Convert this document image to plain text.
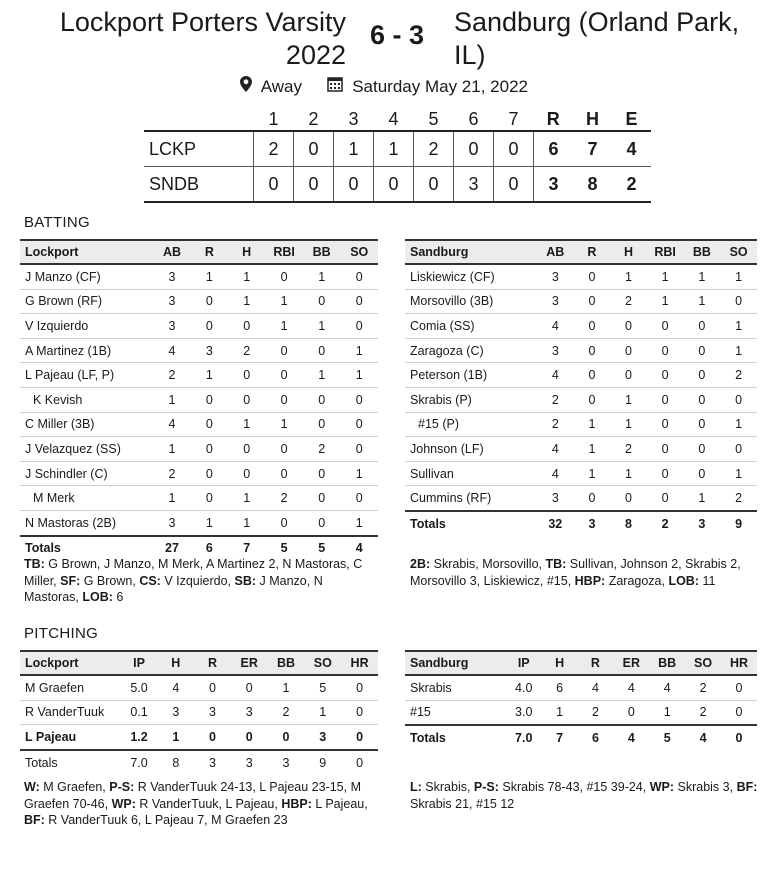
Lockport Porters Varsity 2022
6 - 3	Sandburg (Orland Park, IL)
Away	Saturday May 21, 2022
	1	2	3	4	5	6	7	R	H	E
LCKP	2	0	1	1	2	0	0	6	7	4
SNDB	0	0	0	0	0	3	0	3	8	2
BATTING
Lockport	AB	R	H	RBI	BB	SO
J Manzo (CF)	3	1	1	0	1	0
G Brown (RF)	3	0	1	1	0	0
V Izquierdo	3	0	0	1	1	0
A Martinez (1B)	4	3	2	0	0	1
L Pajeau (LF, P)	2	1	0	0	1	1
K Kevish	1	0	0	0	0	0
C Miller (3B)	4	0	1	1	0	0
J Velazquez (SS)	1	0	0	0	2	0
J Schindler (C)	2	0	0	0	0	1
M Merk	1	0	1	2	0	0
N Mastoras (2B)	3	1	1	0	0	1
Totals	27	6	7	5	5	4
Sandburg	AB	R	H	RBI	BB	SO
Liskiewicz (CF)	3	0	1	1	1	1
Morsovillo (3B)	3	0	2	1	1	0
Comia (SS)	4	0	0	0	0	1
Zaragoza (C)	3	0	0	0	0	1
Peterson (1B)	4	0	0	0	0	2
Skrabis (P)	2	0	1	0	0	0
#15 (P)	2	1	1	0	0	1
Johnson (LF)	4	1	2	0	0	0
Sullivan	4	1	1	0	0	1
Cummins (RF)	3	0	0	0	1	2
Totals	32	3	8	2	3	9
TB: G Brown, J Manzo, M Merk, A Martinez 2, N Mastoras, C Miller, SF: G Brown, CS: V Izquierdo, SB: J Manzo, N Mastoras, LOB: 6
2B: Skrabis, Morsovillo, TB: Sullivan, Johnson 2, Skrabis 2, Morsovillo 3, Liskiewicz, #15, HBP: Zaragoza, LOB: 11
PITCHING
Lockport	IP	H	R	ER	BB	SO	HR
M Graefen	5.0	4	0	0	1	5	0
R VanderTuuk	0.1	3	3	3	2	1	0
L Pajeau	1.2	1	0	0	0	3	0
Totals	7.0	8	3	3	3	9	0
Sandburg	IP	H	R	ER	BB	SO	HR
Skrabis	4.0	6	4	4	4	2	0
#15	3.0	1	2	0	1	2	0
Totals	7.0	7	6	4	5	4	0
W: M Graefen, P-S: R VanderTuuk 24-13, L Pajeau 23-15, M Graefen 70-46, WP: R VanderTuuk, L Pajeau, HBP: L Pajeau, BF: R VanderTuuk 6, L Pajeau 7, M Graefen 23
L: Skrabis, P-S: Skrabis 78-43, #15 39-24, WP: Skrabis 3, BF: Skrabis 21, #15 12
